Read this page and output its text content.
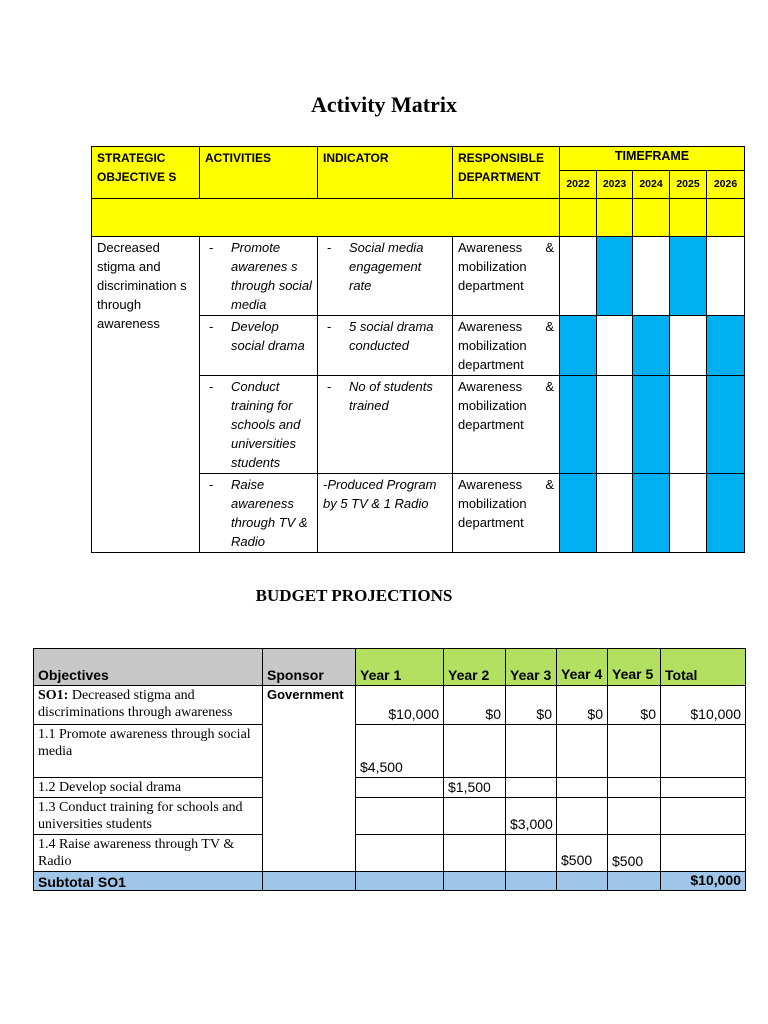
Activity Matrix
STRATEGIC OBJECTIVE S	ACTIVITIES	INDICATOR	RESPONSIBLE DEPARTMENT	TIMEFRAME				
				2022	2023	2024	2025	2026

Decreased stigma and discrimination s through awareness	- Promote awarenes s through social media	- Social media engagement rate	Awareness & mobilization department					

	- Develop social drama	- 5 social drama conducted	Awareness & mobilization department					

	- Conduct training for schools and universities students	- No of students trained	Awareness & mobilization department					

	- Raise awareness through TV & Radio	-Produced Program by 5 TV & 1 Radio	Awareness & mobilization department					
BUDGET PROJECTIONS
Objectives	Sponsor	Year 1	Year 2	Year 3	Year 4	Year 5	Total
SO1: Decreased stigma and discriminations through awareness	Government	$10,000	$0	$0	$0	$0	$10,000
1.1 Promote awareness through social media		$4,500					
1.2 Develop social drama			$1,500				
1.3 Conduct training for schools and universities students				$3,000			
1.4 Raise awareness through TV & Radio					$500	$500	
Subtotal SO1							$10,000
